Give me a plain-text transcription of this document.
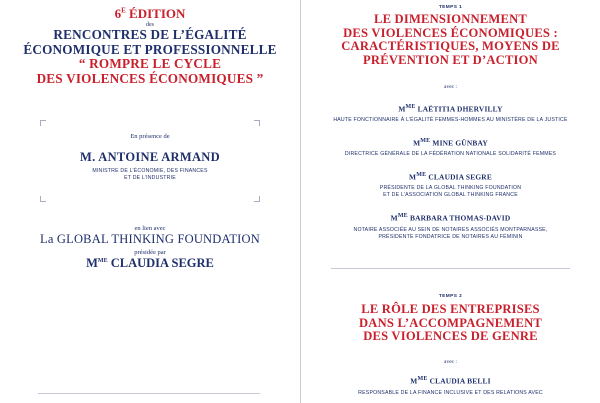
$6^E$ ÉDITION
des
RENCONTRES DE L’ÉGALITÉ
ÉCONOMIQUE ET PROFESSIONNELLE
“ ROMPRE LE CYCLE
DES VIOLENCES ÉCONOMIQUES ”
En présence de
M. ANTOINE ARMAND
MINISTRE DE L’ÉCONOMIE, DES FINANCES
ET DE L’INDUSTRIE
en lien avec
La GLOBAL THINKING FOUNDATION
présidée par
$M^{ME}$ CLAUDIA SEGRE
TEMPS 1
LE DIMENSIONNEMENT
DES VIOLENCES ÉCONOMIQUES :
CARACTÉRISTIQUES, MOYENS DE
PRÉVENTION ET D’ACTION
avec :
$M^{ME}$ LAËTITIA DHERVILLY
HAUTE FONCTIONNAIRE À L’ÉGALITÉ FEMMES-HOMMES AU MINISTÈRE DE LA JUSTICE
$M^{ME}$ MINE GÜNBAY
DIRECTRICE GÉNÉRALE DE LA FÉDÉRATION NATIONALE SOLIDARITÉ FEMMES
$M^{ME}$ CLAUDIA SEGRE
PRÉSIDENTE DE LA GLOBAL THINKING FOUNDATION
ET DE L’ASSOCIATION GLOBAL THINKING FRANCE
$M^{ME}$ BARBARA THOMAS-DAVID
NOTAIRE ASSOCIÉE AU SEIN DE NOTAIRES ASSOCIÉS MONTPARNASSE,
PRÉSIDENTE FONDATRICE DE NOTAIRES AU FÉMININ
TEMPS 2
LE RÔLE DES ENTREPRISES
DANS L’ACCOMPAGNEMENT
DES VIOLENCES DE GENRE
avec :
$M^{ME}$ CLAUDIA BELLI
RESPONSABLE DE LA FINANCE INCLUSIVE ET DES RELATIONS AVEC
